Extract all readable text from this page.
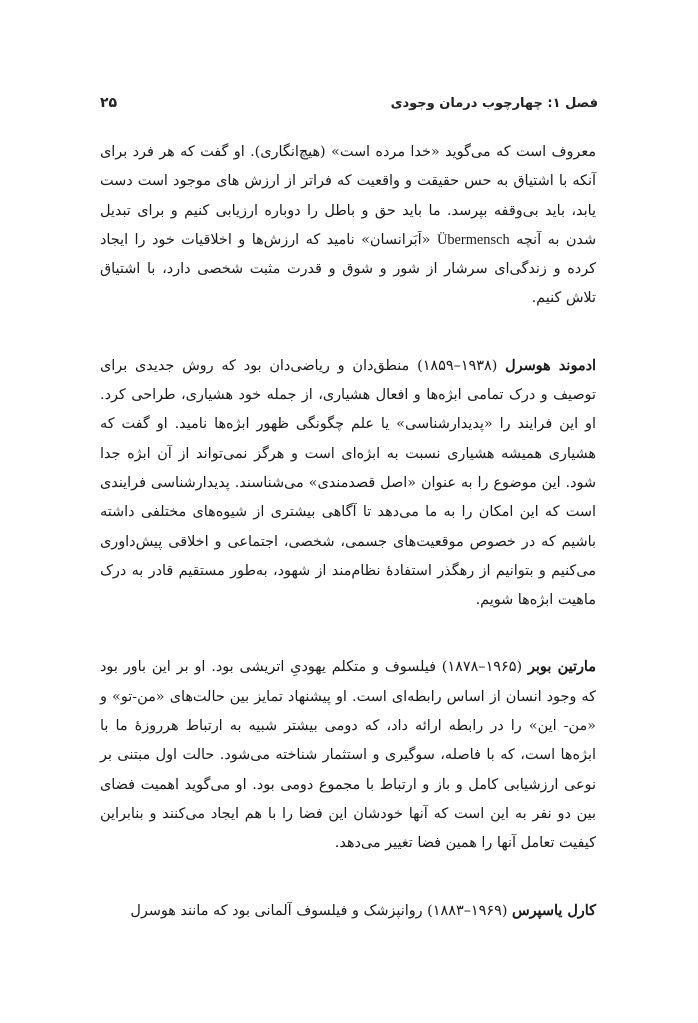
فصل ۱: چهارچوب درمان وجودی
۲۵

معروف است که می‌گوید «خدا مرده است» (هیچ‌انگاری). او گفت که هر فرد برای آنکه با اشتیاق به حس حقیقت و واقعیت که فراتر از ارزش های موجود است دست یابد، باید بی‌وقفه بپرسد. ما باید حق و باطل را دوباره ارزیابی کنیم و برای تبدیل شدن به آنچه Übermensch «اَبَرانسان» نامید که ارزش‌ها و اخلاقیات خود را ایجاد کرده و زندگی‌ای سرشار از شور و شوق و قدرت مثبت شخصی دارد، با اشتیاق تلاش کنیم.

ادموند هوسرل (۱۹۳۸–۱۸۵۹) منطق‌دان و ریاضی‌دان بود که روش جدیدی برای توصیف و درک تمامی ابژه‌ها و افعال هشیاری، از جمله خود هشیاری، طراحی کرد. او این فرایند را «پدیدارشناسی» یا علم چگونگی ظهور ابژه‌ها نامید. او گفت که هشیاری همیشه هشیاری نسبت به ابژه‌ای است و هرگز نمی‌تواند از آن ابژه جدا شود. این موضوع را به عنوان «اصل قصدمندی» می‌شناسند. پدیدارشناسی فرایندی است که این امکان را به ما می‌دهد تا آگاهی بیشتری از شیوه‌های مختلفی داشته باشیم که در خصوص موقعیت‌های جسمی، شخصی، اجتماعی و اخلاقی پیش‌داوری می‌کنیم و بتوانیم از رهگذر استفادهٔ نظام‌مند از شهود، به‌طور مستقیم قادر به درک ماهیت ابژه‌ها شویم.

مارتین بوبر (۱۹۶۵–۱۸۷۸) فیلسوف و متکلم یهودیِ اتریشی بود. او بر این باور بود که وجود انسان از اساس رابطه‌ای است. او پیشنهاد تمایز بین حالت‌های «من-تو» و «من- این» را در رابطه ارائه داد، که دومی بیشتر شبیه به ارتباط هرروزهٔ ما با ابژه‌ها است، که با فاصله، سوگیری و استثمار شناخته می‌شود. حالت اول مبتنی بر نوعی ارزشیابی کامل و باز و ارتباط با مجموع دومی بود. او می‌گوید اهمیت فضای بین دو نفر به این است که آنها خودشان این فضا را با هم ایجاد می‌کنند و بنابراین کیفیت تعامل آنها را همین فضا تغییر می‌دهد.

کارل یاسپرس (۱۹۶۹–۱۸۸۳) روانپزشک و فیلسوف آلمانی بود که مانند هوسرل
